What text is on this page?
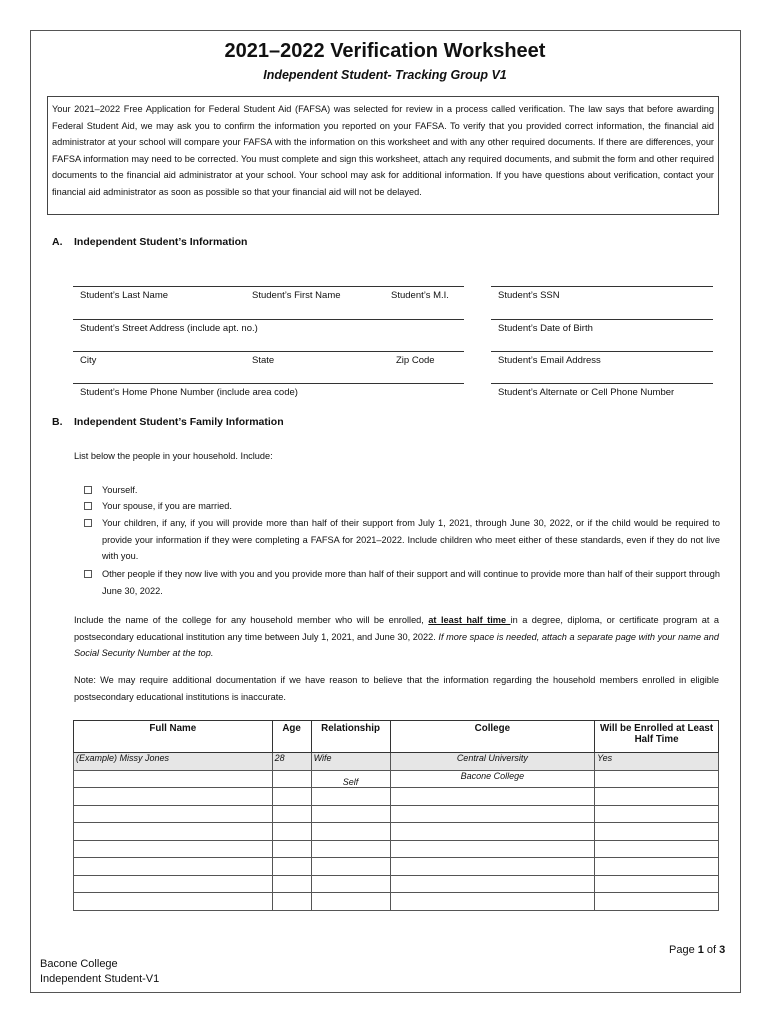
2021–2022 Verification Worksheet
Independent Student- Tracking Group V1
Your 2021–2022 Free Application for Federal Student Aid (FAFSA) was selected for review in a process called verification. The law says that before awarding Federal Student Aid, we may ask you to confirm the information you reported on your FAFSA. To verify that you provided correct information, the financial aid administrator at your school will compare your FAFSA with the information on this worksheet and with any other required documents. If there are differences, your FAFSA information may need to be corrected. You must complete and sign this worksheet, attach any required documents, and submit the form and other required documents to the financial aid administrator at your school. Your school may ask for additional information. If you have questions about verification, contact your financial aid administrator as soon as possible so that your financial aid will not be delayed.
A. Independent Student’s Information
Student’s Last Name	Student’s First Name	Student’s M.I.	Student’s SSN
Student’s Street Address (include apt. no.)	Student’s Date of Birth
City	State	Zip Code	Student’s Email Address
Student’s Home Phone Number (include area code)	Student’s Alternate or Cell Phone Number
B. Independent Student’s Family Information
List below the people in your household. Include:
Yourself.
Your spouse, if you are married.
Your children, if any, if you will provide more than half of their support from July 1, 2021, through June 30, 2022, or if the child would be required to provide your information if they were completing a FAFSA for 2021–2022. Include children who meet either of these standards, even if they do not live with you.
Other people if they now live with you and you provide more than half of their support and will continue to provide more than half of their support through June 30, 2022.
Include the name of the college for any household member who will be enrolled, at least half time in a degree, diploma, or certificate program at a postsecondary educational institution any time between July 1, 2021, and June 30, 2022. If more space is needed, attach a separate page with your name and Social Security Number at the top.
Note: We may require additional documentation if we have reason to believe that the information regarding the household members enrolled in eligible postsecondary educational institutions is inaccurate.
Full Name	Age	Relationship	College	Will be Enrolled at Least Half Time
(Example) Missy Jones	28	Wife	Central University	Yes
		Self	Bacone College	

Page 1 of 3
Bacone College
Independent Student-V1
